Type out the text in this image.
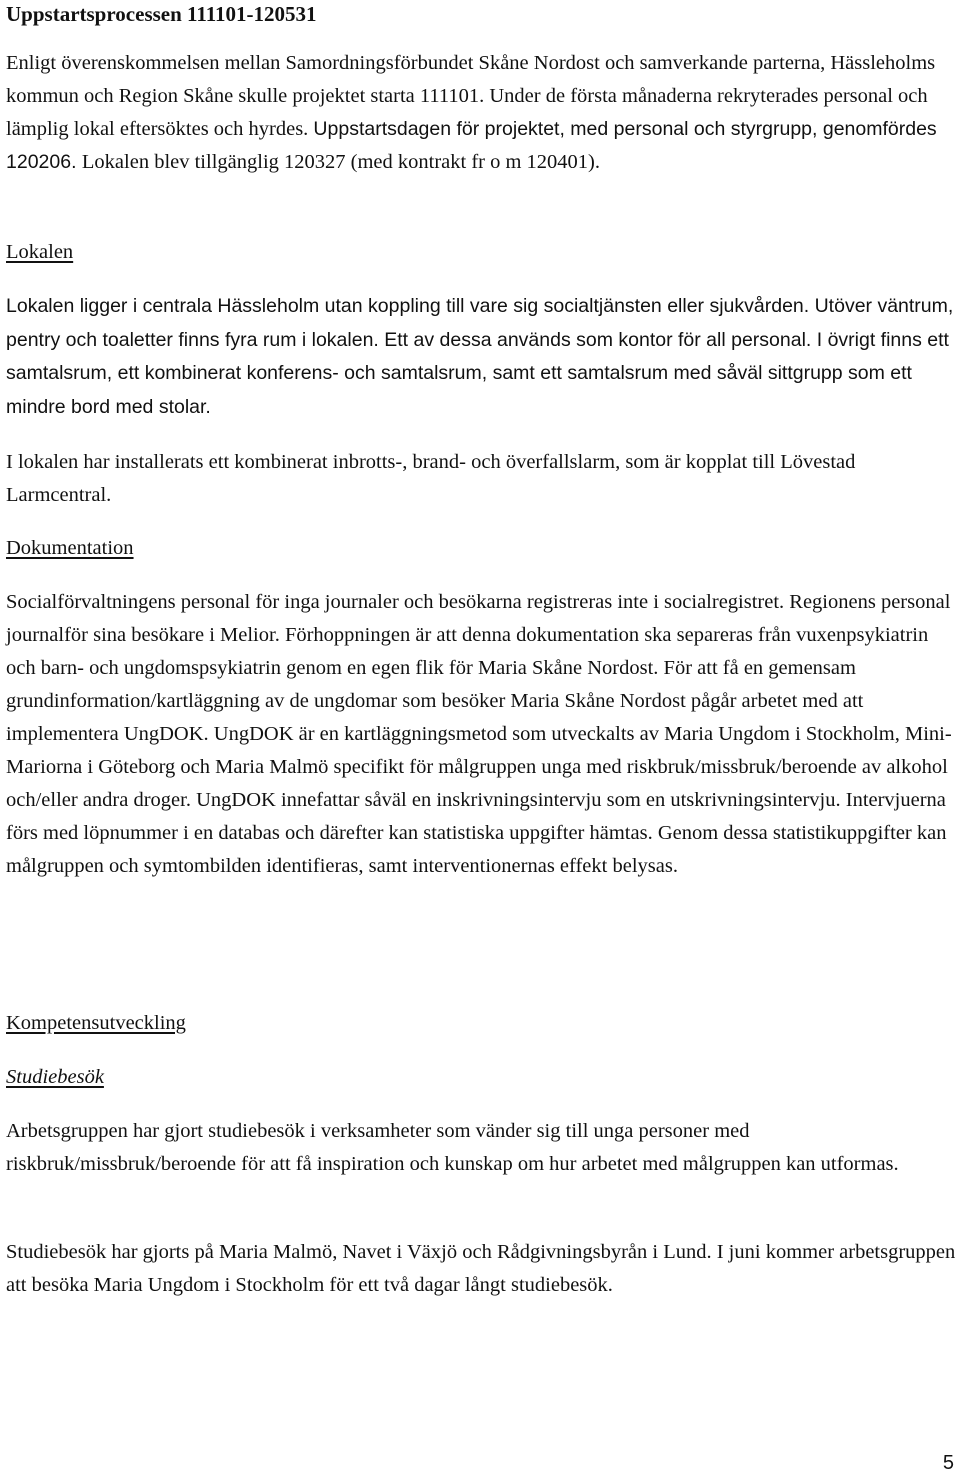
Uppstartsprocessen 111101-120531

Enligt överenskommelsen mellan Samordningsförbundet Skåne Nordost och samverkande parterna, Hässleholms kommun och Region Skåne skulle projektet starta 111101. Under de första månaderna rekryterades personal och lämplig lokal eftersöktes och hyrdes. Uppstartsdagen för projektet, med personal och styrgrupp, genomfördes 120206. Lokalen blev tillgänglig 120327 (med kontrakt fr o m 120401).

Lokalen

Lokalen ligger i centrala Hässleholm utan koppling till vare sig socialtjänsten eller sjukvården. Utöver väntrum, pentry och toaletter finns fyra rum i lokalen. Ett av dessa används som kontor för all personal. I övrigt finns ett samtalsrum, ett kombinerat konferens- och samtalsrum, samt ett samtalsrum med såväl sittgrupp som ett mindre bord med stolar.

I lokalen har installerats ett kombinerat inbrotts-, brand- och överfallslarm, som är kopplat till Lövestad Larmcentral.

Dokumentation

Socialförvaltningens personal för inga journaler och besökarna registreras inte i socialregistret. Regionens personal journalför sina besökare i Melior. Förhoppningen är att denna dokumentation ska separeras från vuxenpsykiatrin och barn- och ungdomspsykiatrin genom en egen flik för Maria Skåne Nordost. För att få en gemensam grundinformation/kartläggning av de ungdomar som besöker Maria Skåne Nordost pågår arbetet med att implementera UngDOK. UngDOK är en kartläggningsmetod som utveckalts av Maria Ungdom i Stockholm, Mini-Mariorna i Göteborg och Maria Malmö specifikt för målgruppen unga med riskbruk/missbruk/beroende av alkohol och/eller andra droger. UngDOK innefattar såväl en inskrivningsintervju som en utskrivningsintervju. Intervjuerna förs med löpnummer i en databas och därefter kan statistiska uppgifter hämtas. Genom dessa statistikuppgifter kan målgruppen och symtombilden identifieras, samt interventionernas effekt belysas.

Kompetensutveckling
Studiebesök

Arbetsgruppen har gjort studiebesök i verksamheter som vänder sig till unga personer med riskbruk/missbruk/beroende för att få inspiration och kunskap om hur arbetet med målgruppen kan utformas.

Studiebesök har gjorts på Maria Malmö, Navet i Växjö och Rådgivningsbyrån i Lund. I juni kommer arbetsgruppen att besöka Maria Ungdom i Stockholm för ett två dagar långt studiebesök.

5
